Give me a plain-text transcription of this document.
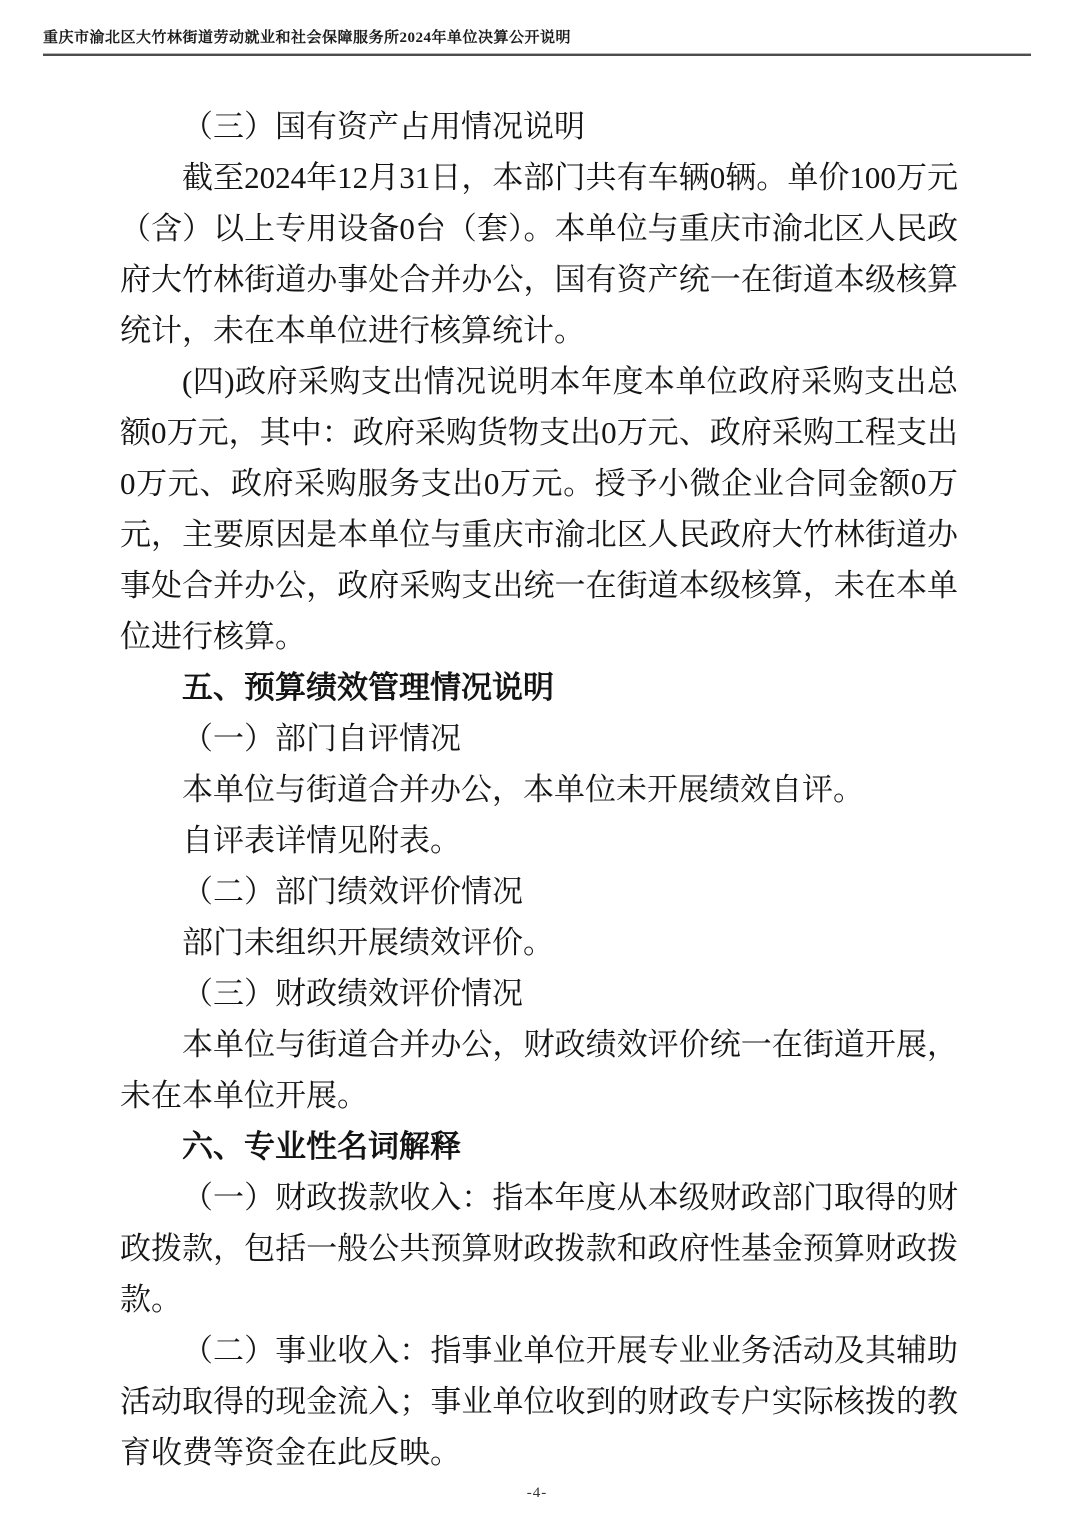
重庆市渝北区大竹林街道劳动就业和社会保障服务所2024年单位决算公开说明

（三）国有资产占用情况说明

截至2024年12月31日，本部门共有车辆0辆。单价100万元（含）以上专用设备0台（套）。本单位与重庆市渝北区人民政府大竹林街道办事处合并办公，国有资产统一在街道本级核算统计，未在本单位进行核算统计。

(四)政府采购支出情况说明本年度本单位政府采购支出总额0万元，其中：政府采购货物支出0万元、政府采购工程支出0万元、政府采购服务支出0万元。授予小微企业合同金额0万元，主要原因是本单位与重庆市渝北区人民政府大竹林街道办事处合并办公，政府采购支出统一在街道本级核算，未在本单位进行核算。

五、预算绩效管理情况说明

（一）部门自评情况

本单位与街道合并办公，本单位未开展绩效自评。

自评表详情见附表。

（二）部门绩效评价情况

部门未组织开展绩效评价。

（三）财政绩效评价情况

本单位与街道合并办公，财政绩效评价统一在街道开展，未在本单位开展。

六、专业性名词解释

（一）财政拨款收入：指本年度从本级财政部门取得的财政拨款，包括一般公共预算财政拨款和政府性基金预算财政拨款。

（二）事业收入：指事业单位开展专业业务活动及其辅助活动取得的现金流入；事业单位收到的财政专户实际核拨的教育收费等资金在此反映。

-4-
